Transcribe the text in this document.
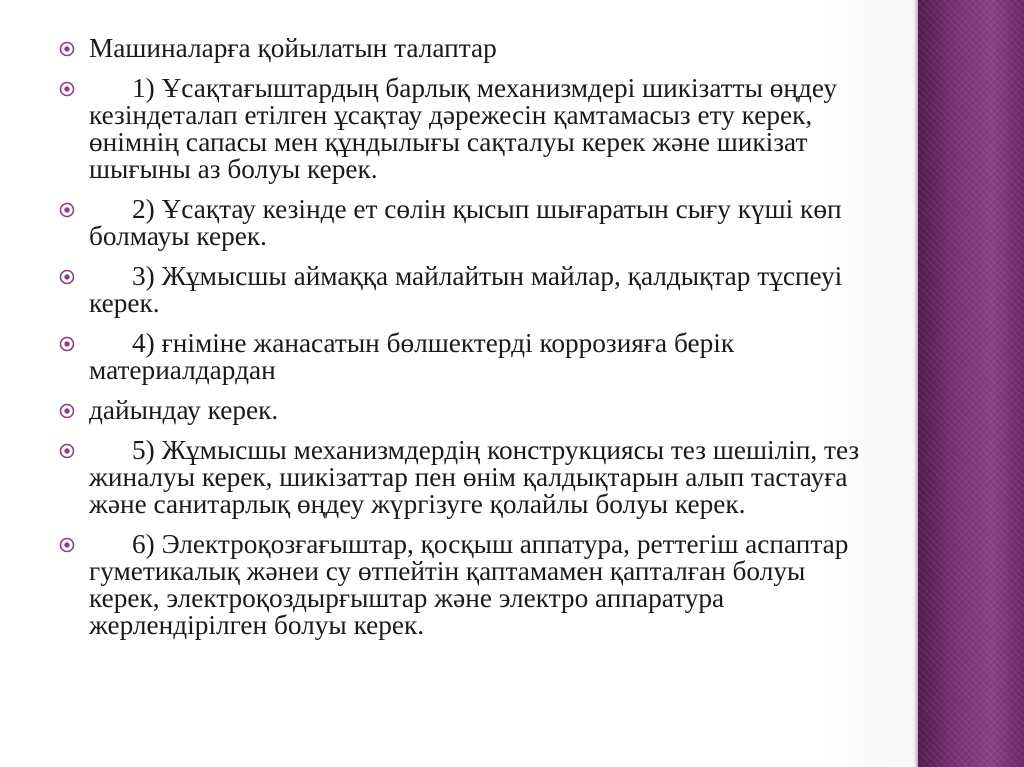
Машиналарға қойылатын талаптар
1) Ұсақтағыштардың барлық механизмдері шикізатты өңдеу кезіндеталап етілген ұсақтау дәрежесін қамтамасыз ету керек, өнімнің сапасы мен құндылығы сақталуы керек және шикізат шығыны аз болуы керек.
2) Ұсақтау кезінде ет сөлін қысып шығаратын сығу күші көп болмауы керек.
3) Жұмысшы аймаққа майлайтын майлар, қалдықтар тұспеуі керек.
4) ғніміне жанасатын бөлшектерді коррозияға берік материалдардан
дайындау керек.
5) Жұмысшы механизмдердің конструкциясы тез шешіліп, тез жиналуы керек, шикізаттар пен өнім қалдықтарын алып тастауға және санитарлық өңдеу жүргізуге қолайлы болуы керек.
6) Электроқозғағыштар, қосқыш аппатура, реттегіш аспаптар гуметикалық жәнеи су өтпейтін қаптамамен қапталған болуы керек, электроқоздырғыштар және электро аппаратура жерлендірілген болуы керек.
